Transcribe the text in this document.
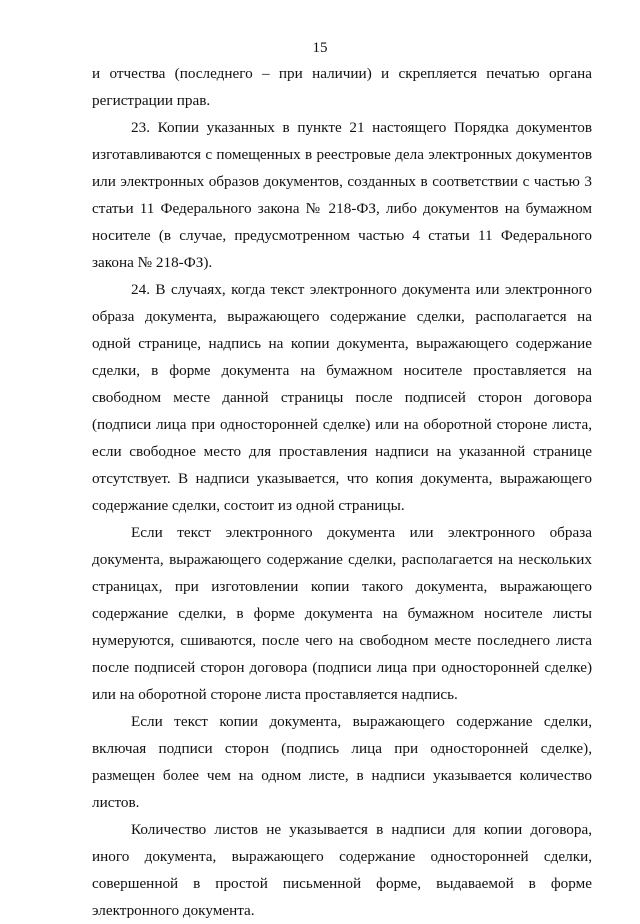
15

и отчества (последнего – при наличии) и скрепляется печатью органа регистрации прав.

23. Копии указанных в пункте 21 настоящего Порядка документов изготавливаются с помещенных в реестровые дела электронных документов или электронных образов документов, созданных в соответствии с частью 3 статьи 11 Федерального закона № 218-ФЗ, либо документов на бумажном носителе (в случае, предусмотренном частью 4 статьи 11 Федерального закона № 218-ФЗ).

24. В случаях, когда текст электронного документа или электронного образа документа, выражающего содержание сделки, располагается на одной странице, надпись на копии документа, выражающего содержание сделки, в форме документа на бумажном носителе проставляется на свободном месте данной страницы после подписей сторон договора (подписи лица при односторонней сделке) или на оборотной стороне листа, если свободное место для проставления надписи на указанной странице отсутствует. В надписи указывается, что копия документа, выражающего содержание сделки, состоит из одной страницы.

Если текст электронного документа или электронного образа документа, выражающего содержание сделки, располагается на нескольких страницах, при изготовлении копии такого документа, выражающего содержание сделки, в форме документа на бумажном носителе листы нумеруются, сшиваются, после чего на свободном месте последнего листа после подписей сторон договора (подписи лица при односторонней сделке) или на оборотной стороне листа проставляется надпись.

Если текст копии документа, выражающего содержание сделки, включая подписи сторон (подпись лица при односторонней сделке), размещен более чем на одном листе, в надписи указывается количество листов.

Количество листов не указывается в надписи для копии договора, иного документа, выражающего содержание односторонней сделки, совершенной в простой письменной форме, выдаваемой в форме электронного документа.
